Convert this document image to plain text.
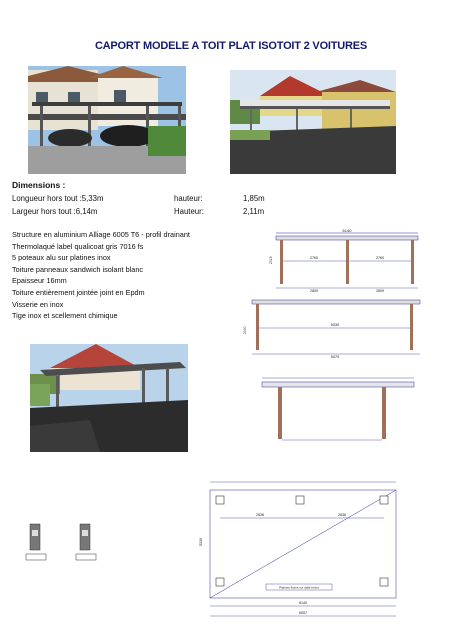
CAPORT MODELE A TOIT PLAT ISOTOIT 2 VOITURES
Dimensions :
Longueur hors tout :5,33m	hauteur:	1,85m
Largeur hors tout :6,14m	Hauteur:	2,11m
Structure en aluminium Alliage 6005 T6 - profil drainant
Thermolaqué label qualicoat gris 7016 fs
5 poteaux alu sur platines inox
Toiture panneaux sandwich isolant blanc
Epaisseur 16mm
Toiture entièrement jointée joint en Epdm
Visserie en inox
Tige inox et scellement chimique
6140
2760	2760
2809	2809
2015
5330
5470
2000
2836	2836
5330
Platines fixées sur dalle béton
6140
6057
